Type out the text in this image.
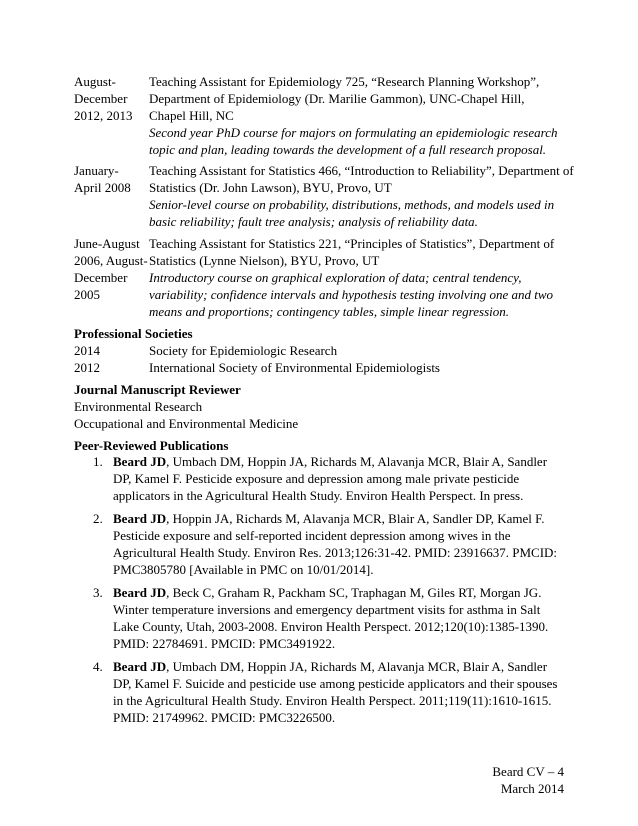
August-
December
2012, 2013
Teaching Assistant for Epidemiology 725, “Research Planning Workshop”,
Department of Epidemiology (Dr. Marilie Gammon), UNC-Chapel Hill,
Chapel Hill, NC
Second year PhD course for majors on formulating an epidemiologic research
topic and plan, leading towards the development of a full research proposal.
January-
April 2008
Teaching Assistant for Statistics 466, “Introduction to Reliability”, Department of
Statistics (Dr. John Lawson), BYU, Provo, UT
Senior-level course on probability, distributions, methods, and models used in
basic reliability; fault tree analysis; analysis of reliability data.
June-August
2006, August-
December
2005
Teaching Assistant for Statistics 221, “Principles of Statistics”, Department of
Statistics (Lynne Nielson), BYU, Provo, UT
Introductory course on graphical exploration of data; central tendency,
variability; confidence intervals and hypothesis testing involving one and two
means and proportions; contingency tables, simple linear regression.
Professional Societies
2014	Society for Epidemiologic Research
2012	International Society of Environmental Epidemiologists
Journal Manuscript Reviewer
Environmental Research
Occupational and Environmental Medicine
Peer-Reviewed Publications
1. Beard JD, Umbach DM, Hoppin JA, Richards M, Alavanja MCR, Blair A, Sandler
DP, Kamel F. Pesticide exposure and depression among male private pesticide
applicators in the Agricultural Health Study. Environ Health Perspect. In press.
2. Beard JD, Hoppin JA, Richards M, Alavanja MCR, Blair A, Sandler DP, Kamel F.
Pesticide exposure and self-reported incident depression among wives in the
Agricultural Health Study. Environ Res. 2013;126:31-42. PMID: 23916637. PMCID:
PMC3805780 [Available in PMC on 10/01/2014].
3. Beard JD, Beck C, Graham R, Packham SC, Traphagan M, Giles RT, Morgan JG.
Winter temperature inversions and emergency department visits for asthma in Salt
Lake County, Utah, 2003-2008. Environ Health Perspect. 2012;120(10):1385-1390.
PMID: 22784691. PMCID: PMC3491922.
4. Beard JD, Umbach DM, Hoppin JA, Richards M, Alavanja MCR, Blair A, Sandler
DP, Kamel F. Suicide and pesticide use among pesticide applicators and their spouses
in the Agricultural Health Study. Environ Health Perspect. 2011;119(11):1610-1615.
PMID: 21749962. PMCID: PMC3226500.
Beard CV – 4
March 2014
